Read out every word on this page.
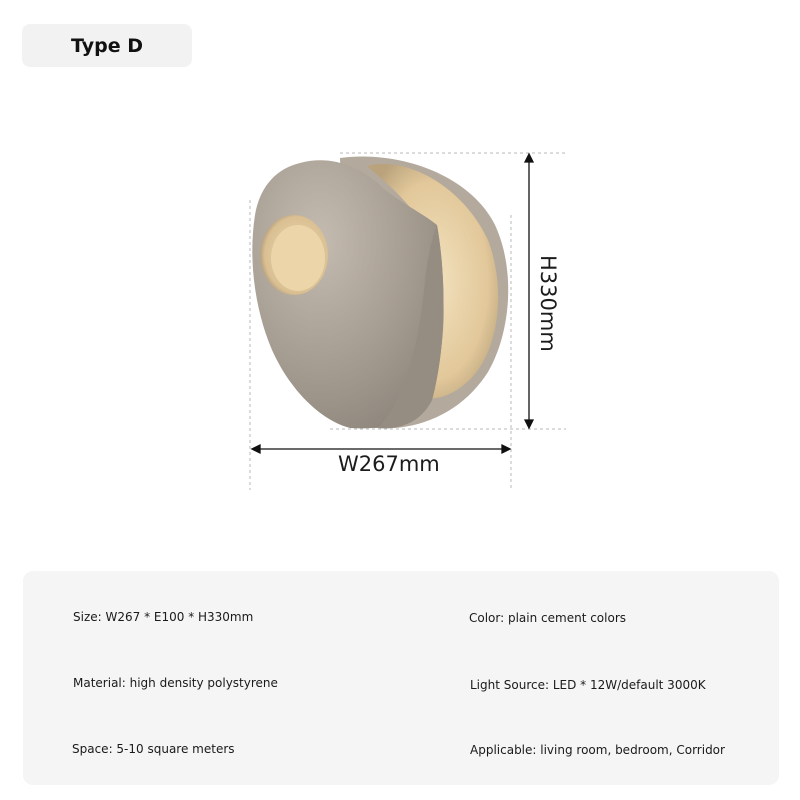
Type D
W267mm
H330mm
Size: W267 * E100 * H330mm	Color: plain cement colors
Material: high density polystyrene	Light Source: LED * 12W/default 3000K
Space: 5-10 square meters	Applicable: living room, bedroom, Corridor
